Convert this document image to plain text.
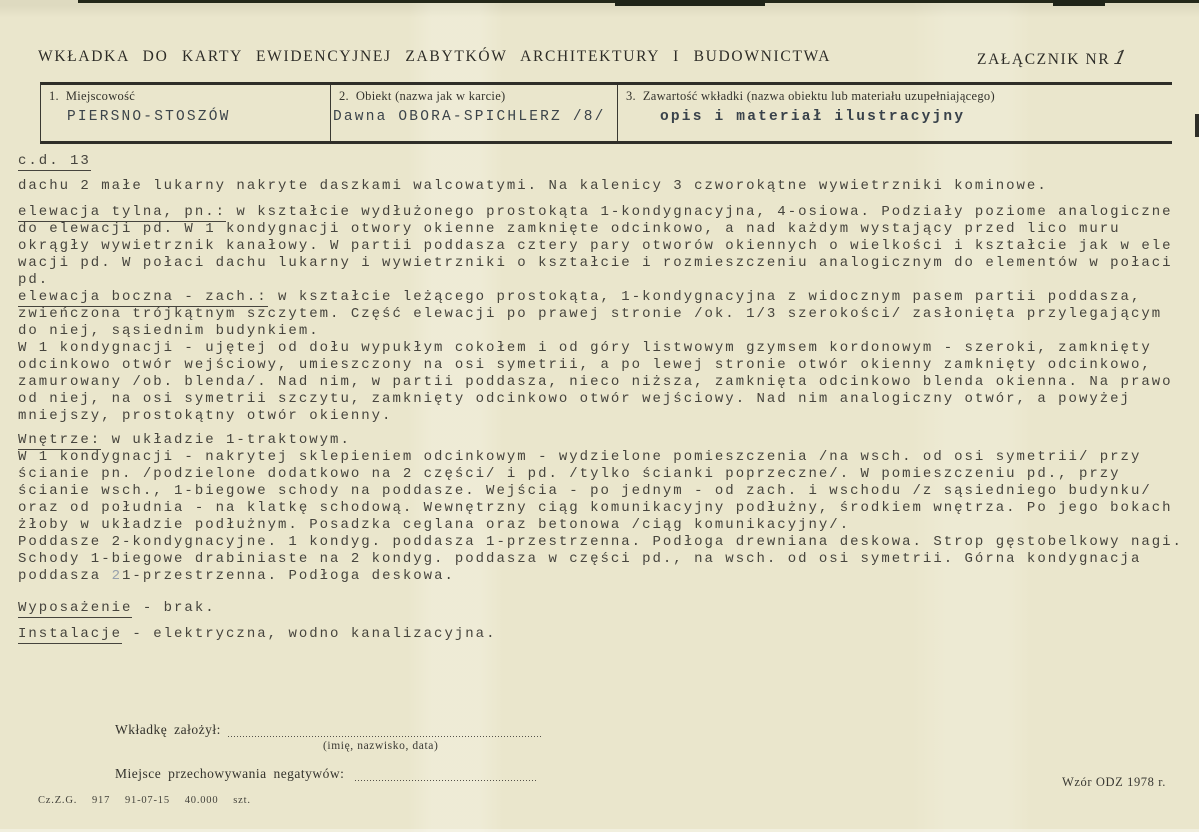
WKŁADKA DO KARTY EWIDENCYJNEJ ZABYTKÓW ARCHITEKTURY I BUDOWNICTWA	ZAŁĄCZNIK NR1
1.  Miejscowość
PIERSNO-STOSZÓW
2.  Obiekt (nazwa jak w karcie)
Dawna OBORA-SPICHLERZ /8/
3.  Zawartość wkładki (nazwa obiektu lub materiału uzupełniającego)
opis i materiał ilustracyjny
c.d. 13
dachu 2 małe lukarny nakryte daszkami walcowatymi. Na kalenicy 3 czworokątne wywietrzniki kominowe.
elewacja tylna, pn.: w kształcie wydłużonego prostokąta 1-kondygnacyjna, 4-osiowa. Podziały poziome analogiczne
do elewacji pd. W 1 kondygnacji otwory okienne zamknięte odcinkowo, a nad każdym wystający przed lico muru
okrągły wywietrznik kanałowy. W partii poddasza cztery pary otworów okiennych o wielkości i kształcie jak w ele
wacji pd. W połaci dachu lukarny i wywietrzniki o kształcie i rozmieszczeniu analogicznym do elementów w połaci
pd.
elewacja boczna - zach.: w kształcie leżącego prostokąta, 1-kondygnacyjna z widocznym pasem partii poddasza,
zwieńczona trójkątnym szczytem. Część elewacji po prawej stronie /ok. 1/3 szerokości/ zasłonięta przylegającym
do niej, sąsiednim budynkiem.
W 1 kondygnacji - ujętej od dołu wypukłym cokołem i od góry listwowym gzymsem kordonowym - szeroki, zamknięty
odcinkowo otwór wejściowy, umieszczony na osi symetrii, a po lewej stronie otwór okienny zamknięty odcinkowo,
zamurowany /ob. blenda/. Nad nim, w partii poddasza, nieco niższa, zamknięta odcinkowo blenda okienna. Na prawo
od niej, na osi symetrii szczytu, zamknięty odcinkowo otwór wejściowy. Nad nim analogiczny otwór, a powyżej
mniejszy, prostokątny otwór okienny.
Wnętrze: w układzie 1-traktowym.
W 1 kondygnacji - nakrytej sklepieniem odcinkowym - wydzielone pomieszczenia /na wsch. od osi symetrii/ przy
ścianie pn. /podzielone dodatkowo na 2 części/ i pd. /tylko ścianki poprzeczne/. W pomieszczeniu pd., przy
ścianie wsch., 1-biegowe schody na poddasze. Wejścia - po jednym - od zach. i wschodu /z sąsiedniego budynku/
oraz od południa - na klatkę schodową. Wewnętrzny ciąg komunikacyjny podłużny, środkiem wnętrza. Po jego bokach
żłoby w układzie podłużnym. Posadzka ceglana oraz betonowa /ciąg komunikacyjny/.
Poddasze 2-kondygnacyjne. 1 kondyg. poddasza 1-przestrzenna. Podłoga drewniana deskowa. Strop gęstobelkowy nagi.
Schody 1-biegowe drabiniaste na 2 kondyg. poddasza w części pd., na wsch. od osi symetrii. Górna kondygnacja
poddasza 21-przestrzenna. Podłoga deskowa.
Wyposażenie - brak.
Instalacje - elektryczna, wodno kanalizacyjna.
Wkładkę założył:
(imię, nazwisko, data)
Miejsce przechowywania negatywów:
Cz.Z.G.  917  91-07-15  40.000  szt.
Wzór ODZ 1978 r.
